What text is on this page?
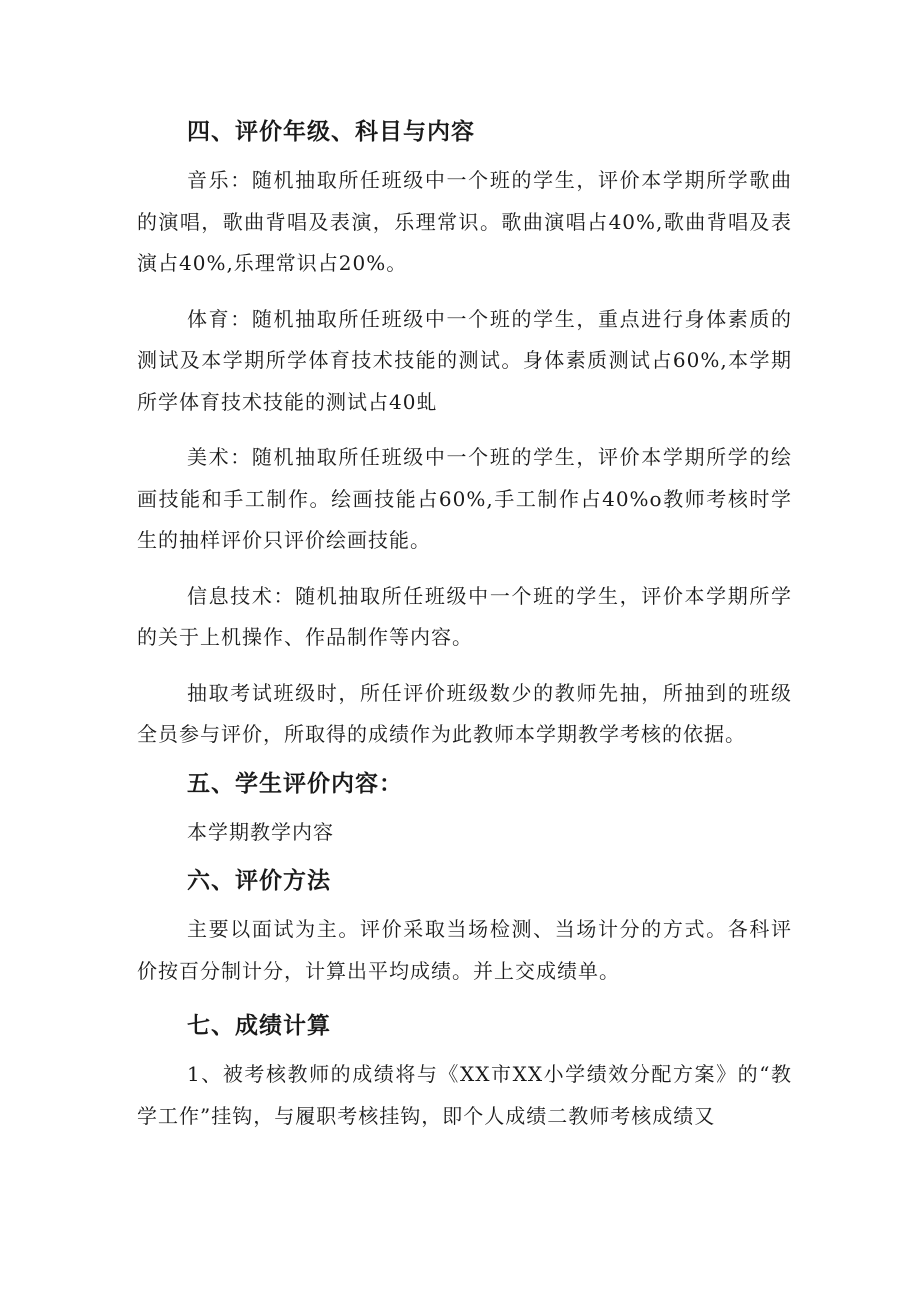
四、评价年级、科目与内容

音乐：随机抽取所任班级中一个班的学生，评价本学期所学歌曲的演唱，歌曲背唱及表演，乐理常识。歌曲演唱占40%,歌曲背唱及表演占40%,乐理常识占20%。

体育：随机抽取所任班级中一个班的学生，重点进行身体素质的测试及本学期所学体育技术技能的测试。身体素质测试占60%,本学期所学体育技术技能的测试占40虬

美术：随机抽取所任班级中一个班的学生，评价本学期所学的绘画技能和手工制作。绘画技能占60%,手工制作占40%o教师考核时学生的抽样评价只评价绘画技能。

信息技术：随机抽取所任班级中一个班的学生，评价本学期所学的关于上机操作、作品制作等内容。

抽取考试班级时，所任评价班级数少的教师先抽，所抽到的班级全员参与评价，所取得的成绩作为此教师本学期教学考核的依据。

五、学生评价内容：

本学期教学内容

六、评价方法

主要以面试为主。评价采取当场检测、当场计分的方式。各科评价按百分制计分，计算出平均成绩。并上交成绩单。

七、成绩计算

1、被考核教师的成绩将与《XX市XX小学绩效分配方案》的“教学工作”挂钩，与履职考核挂钩，即个人成绩二教师考核成绩又
